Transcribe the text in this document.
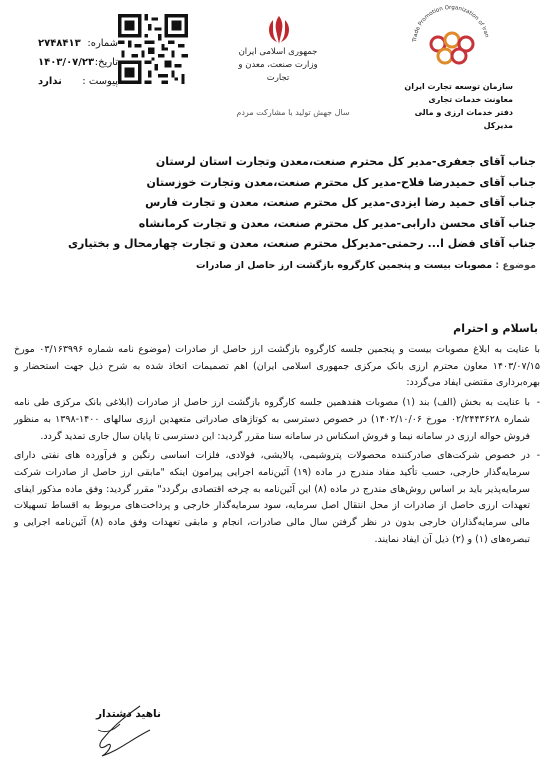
شماره:
۲۷۴۸۴۱۳
تاریخ:
۱۴۰۳/۰۷/۲۳
پیوست :
ندارد
جمهوری اسلامی ایران
وزارت صنعت، معدن و تجارت
سال جهش تولید با مشارکت مردم
Trade Promotion Organization of Iran
سازمان توسعه تجارت ایران
معاونت خدمات تجاری
دفتر خدمات ارزی و مالی
مدیرکل
جناب آقای جعفری-مدیر کل محترم صنعت،معدن وتجارت استان لرستان
جناب آقای حمیدرضا فلاح-مدیر کل محترم صنعت،معدن وتجارت خوزستان
جناب آقای حمید رضا ایزدی-مدیر کل محترم صنعت، معدن و تجارت فارس
جناب آقای محسن دارابی-مدیر کل محترم صنعت، معدن و تجارت کرمانشاه
جناب آقای فضل ا... رحمتی-مدیرکل محترم صنعت، معدن و تجارت چهارمحال و بختیاری
موضوع : مصوبات بیست و پنجمین کارگروه بازگشت ارز حاصل از صادرات
باسلام و احترام

با عنایت به ابلاغ مصوبات بیست و پنجمین جلسه کارگروه بازگشت ارز حاصل از صادرات (موضوع نامه شماره ۰۳/۱۶۳۹۹۶ مورخ ۱۴۰۳/۰۷/۱۵ معاون محترم ارزی بانک مرکزی جمهوری اسلامی ایران) اهم تصمیمات اتخاذ شده به شرح ذیل جهت استحضار و بهره‌برداری مقتضی ایفاد می‌گردد:

- با عنایت به بخش (الف) بند (۱) مصوبات هفدهمین جلسه کارگروه بازگشت ارز حاصل از صادرات (ابلاغی بانک مرکزی طی نامه شماره ۰۲/۲۴۴۳۶۲۸ مورخ ۱۴۰۲/۱۰/۰۶) در خصوص دسترسی به کوتاژهای صادراتی متعهدین ارزی سالهای ۱۴۰۰-۱۳۹۸ به منظور فروش حواله ارزی در سامانه نیما و فروش اسکناس در سامانه سنا مقرر گردید: این دسترسی تا پایان سال جاری تمدید گردد.

- در خصوص شرکت‌های صادرکننده محصولات پتروشیمی، پالایشی، فولادی، فلزات اساسی رنگین و فرآورده های نفتی دارای سرمایه‌گذار خارجی، حسب تأکید مفاد مندرج در ماده (۱۹) آئین‌نامه اجرایی پیرامون اینکه "مابقی ارز حاصل از صادرات شرکت سرمایه‌پذیر باید بر اساس روش‌های مندرج در ماده (۸) این آئین‌نامه به چرخه اقتصادی برگردد" مقرر گردید: وفق ماده مذکور ایفای تعهدات ارزی حاصل از صادرات از محل انتقال اصل سرمایه، سود سرمایه‌گذار خارجی و پرداخت‌های مربوط به اقساط تسهیلات مالی سرمایه‌گذاران خارجی بدون در نظر گرفتن سال مالی صادرات، انجام و مابقی تعهدات وفق ماده (۸) آئین‌نامه اجرایی و تبصره‌های (۱) و (۲) ذیل آن ایفاد نمایند.

ناهید دشتدار
